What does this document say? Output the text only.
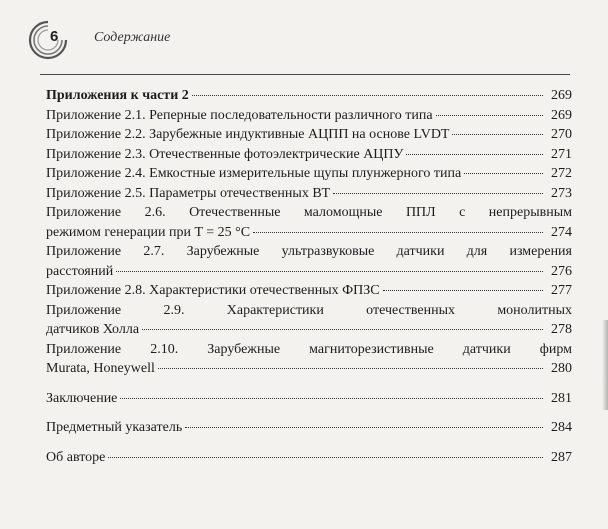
6	Содержание
Приложения к части 2	269
Приложение 2.1. Реперные последовательности различного типа	269
Приложение 2.2. Зарубежные индуктивные АЦПП на основе LVDT	270
Приложение 2.3. Отечественные фотоэлектрические АЦПУ	271
Приложение 2.4. Емкостные измерительные щупы плунжерного типа	272
Приложение 2.5. Параметры отечественных ВТ	273
Приложение 2.6. Отечественные маломощные ППЛ с непрерывным
режимом генерации при T = 25 °C	274
Приложение 2.7. Зарубежные ультразвуковые датчики для измерения
расстояний	276
Приложение 2.8. Характеристики отечественных ФПЗС	277
Приложение 2.9. Характеристики отечественных монолитных
датчиков Холла	278
Приложение 2.10. Зарубежные магниторезистивные датчики фирм
Murata, Honeywell	280
Заключение	281
Предметный указатель	284
Об авторе	287
